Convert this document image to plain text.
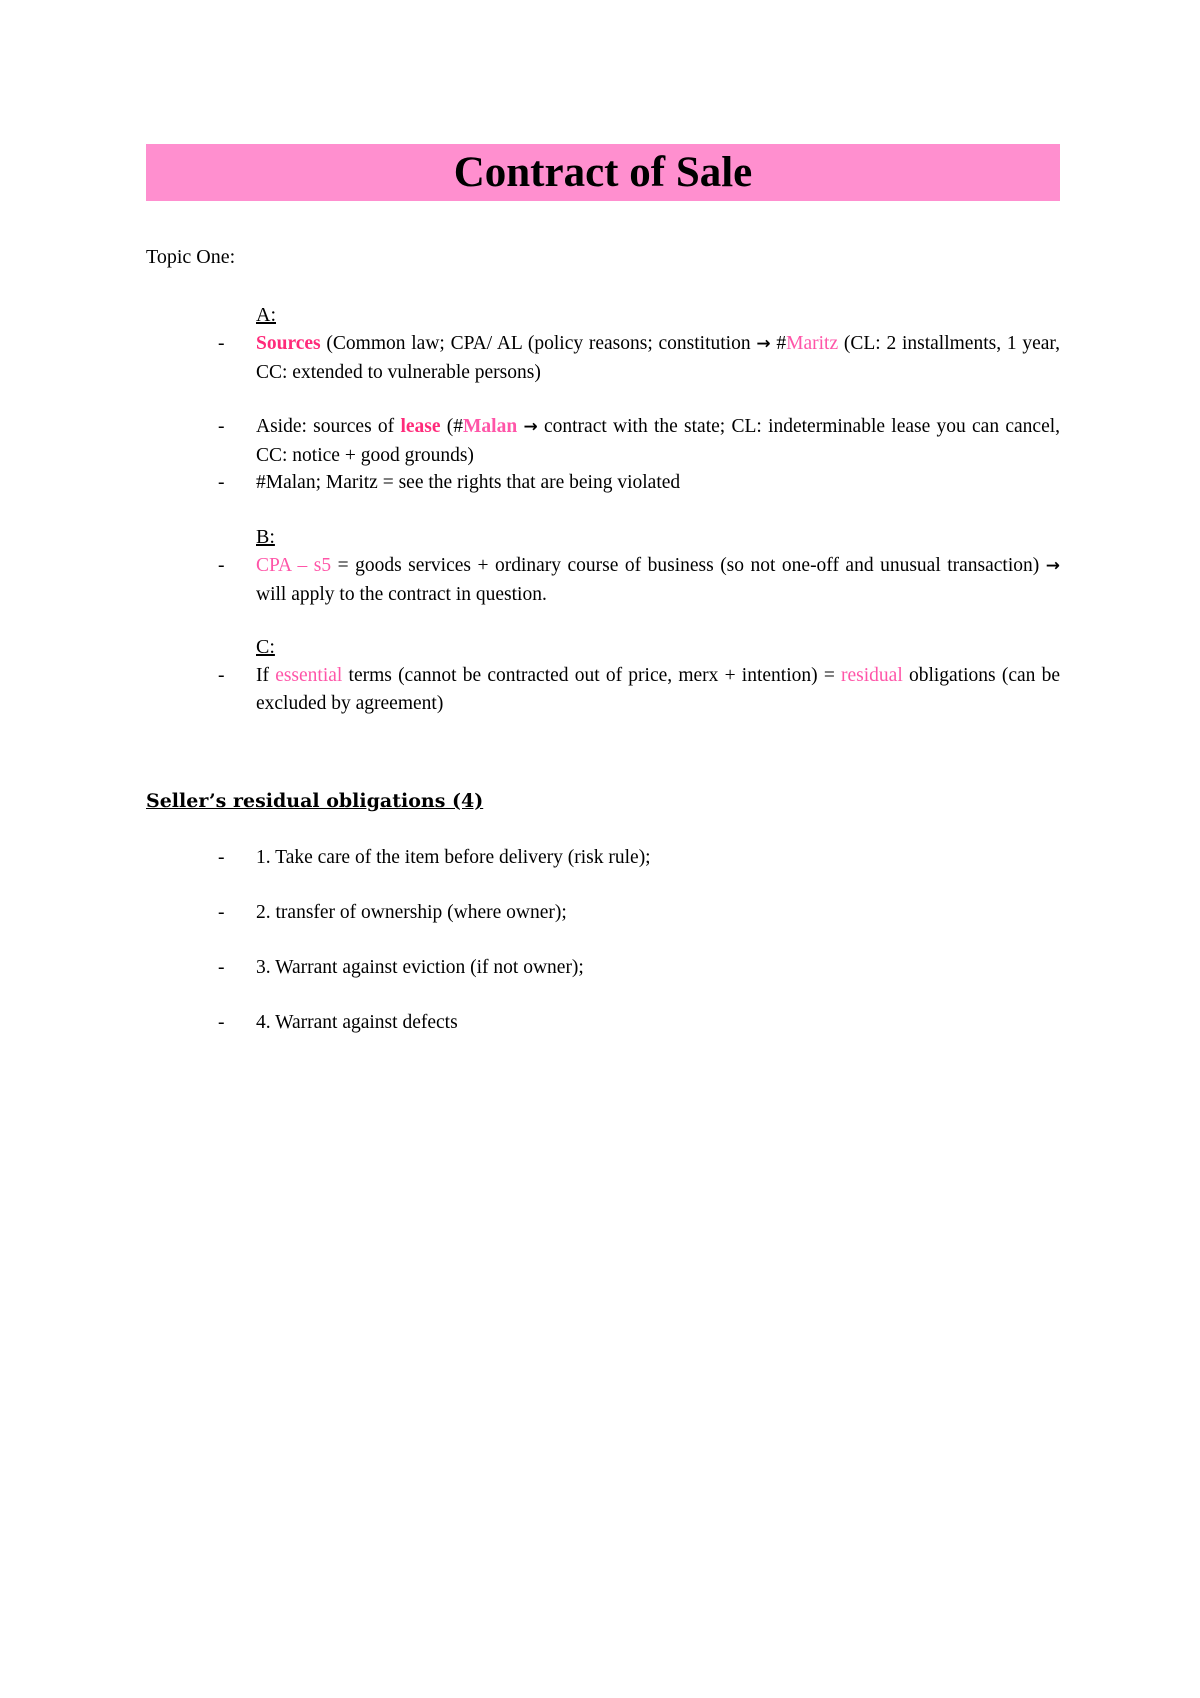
Contract of Sale
Topic One:
A:
- Sources (Common law; CPA/ AL (policy reasons; constitution → #Maritz (CL: 2 installments, 1 year, CC: extended to vulnerable persons)
- Aside: sources of lease (#Malan → contract with the state; CL: indeterminable lease you can cancel, CC: notice + good grounds)
- #Malan; Maritz = see the rights that are being violated
B:
- CPA – s5 = goods services + ordinary course of business (so not one-off and unusual transaction) → will apply to the contract in question.
C:
- If essential terms (cannot be contracted out of price, merx + intention) = residual obligations (can be excluded by agreement)
Seller’s residual obligations (4)
- 1. Take care of the item before delivery (risk rule);
- 2. transfer of ownership (where owner);
- 3. Warrant against eviction (if not owner);
- 4. Warrant against defects
